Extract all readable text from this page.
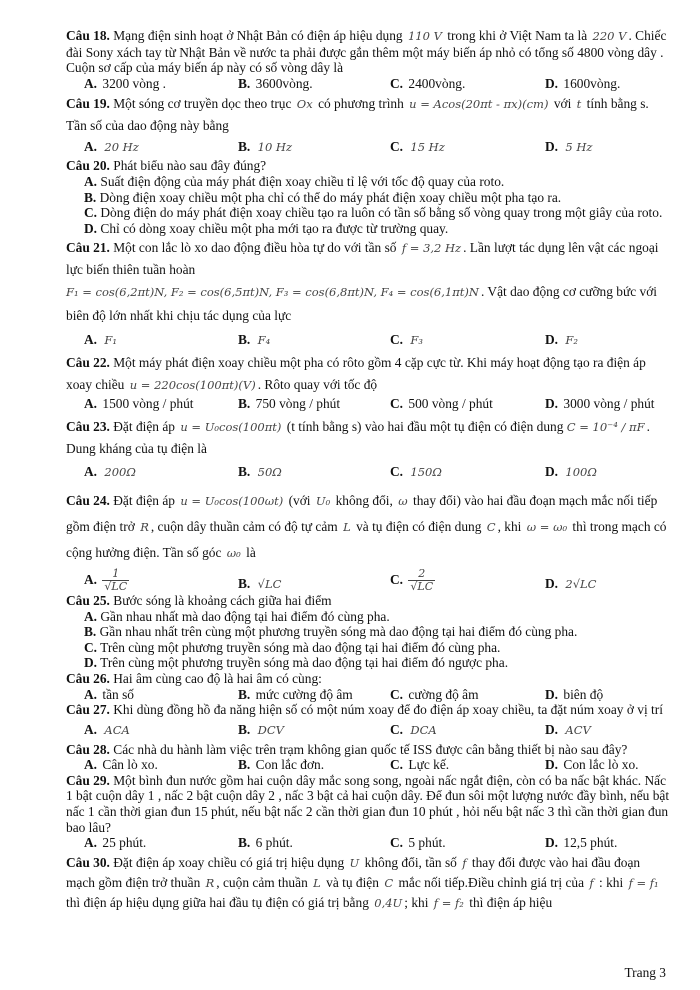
Câu 18. Mạng điện sinh hoạt ở Nhật Bản có điện áp hiệu dụng 110 V trong khi ở Việt Nam ta là 220 V . Chiếc đài Sony xách tay từ Nhật Bản về nước ta phải được gắn thêm một máy biến áp nhỏ có tổng số 4800 vòng dây . Cuộn sơ cấp của máy biến áp này có số vòng dây là

A. 3200 vòng .	B. 3600vòng.	C. 2400vòng.	D. 1600vòng.

Câu 19. Một sóng cơ truyền dọc theo trục Ox có phương trình u = Acos(20πt - πx)(cm) với t tính bằng s. Tần số của dao động này bằng

A. 20 Hz	B. 10 Hz	C. 15 Hz	D. 5 Hz

Câu 20. Phát biểu nào sau đây đúng?

A. Suất điện động của máy phát điện xoay chiều tỉ lệ với tốc độ quay của roto.
B. Dòng điện xoay chiều một pha chỉ có thể do máy phát điện xoay chiều một pha tạo ra.
C. Dòng điện do máy phát điện xoay chiều tạo ra luôn có tần số bằng số vòng quay trong một giây của roto.
D. Chỉ có dòng xoay chiều một pha mới tạo ra được từ trường quay.

Câu 21. Một con lắc lò xo dao động điều hòa tự do với tần số f = 3,2 Hz . Lần lượt tác dụng lên vật các ngoại lực biến thiên tuần hoàn

F₁ = cos(6,2πt)N, F₂ = cos(6,5πt)N, F₃ = cos(6,8πt)N, F₄ = cos(6,1πt)N . Vật dao động cơ cưỡng bức với biên độ lớn nhất khi chịu tác dụng của lực

A. F₁	B. F₄	C. F₃	D. F₂

Câu 22. Một máy phát điện xoay chiều một pha có rôto gồm 4 cặp cực từ. Khi máy hoạt động tạo ra điện áp xoay chiều u = 220cos(100πt)(V) . Rôto quay với tốc độ

A. 1500 vòng / phút	B. 750 vòng / phút	C. 500 vòng / phút	D. 3000 vòng / phút

Câu 23. Đặt điện áp u = U₀cos(100πt) (t tính bằng s) vào hai đầu một tụ điện có điện dung C = 10⁻⁴ / πF . Dung kháng của tụ điện là

A. 200Ω	B. 50Ω	C. 150Ω	D. 100Ω

Câu 24. Đặt điện áp u = U₀cos(100ωt) (với U₀ không đổi, ω thay đổi) vào hai đầu đoạn mạch mắc nối tiếp gồm điện trở R , cuộn dây thuần cảm có độ tự cảm L và tụ điện có điện dung C , khi ω = ω₀ thì trong mạch có cộng hưởng điện. Tần số góc ω₀ là

A. $\frac{1}{√LC}$	B. √LC	C. $\frac{2}{√LC}$	D. 2√LC

Câu 25. Bước sóng là khoảng cách giữa hai điểm

A. Gần nhau nhất mà dao động tại hai điểm đó cùng pha.
B. Gần nhau nhất trên cùng một phương truyền sóng mà dao động tại hai điểm đó cùng pha.
C. Trên cùng một phương truyền sóng mà dao động tại hai điểm đó cùng pha.
D. Trên cùng một phương truyền sóng mà dao động tại hai điểm đó ngược pha.

Câu 26. Hai âm cùng cao độ là hai âm có cùng:

A. tần số	B. mức cường độ âm	C. cường độ âm	D. biên độ

Câu 27. Khi dùng đồng hồ đa năng hiện số có một núm xoay để đo điện áp xoay chiều, ta đặt núm xoay ở vị trí

A. ACA	B. DCV	C. DCA	D. ACV

Câu 28. Các nhà du hành làm việc trên trạm không gian quốc tế ISS được cân bằng thiết bị nào sau đây?

A. Cân lò xo.	B. Con lắc đơn.	C. Lực kế.	D. Con lắc lò xo.

Câu 29. Một bình đun nước gồm hai cuộn dây mắc song song, ngoài nấc ngắt điện, còn có ba nấc bật khác. Nấc 1 bật cuộn dây 1 , nấc 2 bật cuộn dây 2 , nấc 3 bật cả hai cuộn dây. Để đun sôi một lượng nước đầy bình, nếu bật nấc 1 cần thời gian đun 15 phút, nếu bật nấc 2 cần thời gian đun 10 phút , hỏi nếu bật nấc 3 thì cần thời gian đun bao lâu?

A. 25 phút.	B. 6 phút.	C. 5 phút.	D. 12,5 phút.

Câu 30. Đặt điện áp xoay chiều có giá trị hiệu dụng U không đổi, tần số f thay đổi được vào hai đầu đoạn mạch gồm điện trở thuần R , cuộn cảm thuần L và tụ điện C mắc nối tiếp.Điều chỉnh giá trị của f : khi f = f₁ thì điện áp hiệu dụng giữa hai đầu tụ điện có giá trị bằng 0,4U ; khi f = f₂ thì điện áp hiệu

Trang 3
